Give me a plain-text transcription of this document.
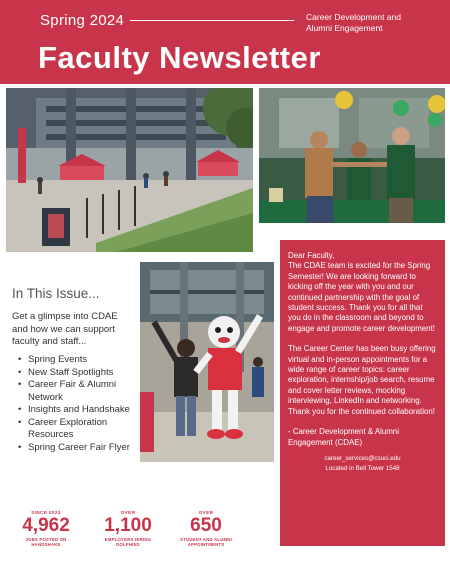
Spring 2024	Career Development and Alumni Engagement
Faculty Newsletter
In This Issue...
Get a glimpse into CDAE and how we can support faculty and staff...
• Spring Events
• New Staff Spotlights
• Career Fair & Alumni Network
• Insights and Handshake
• Career Exploration Resources
• Spring Career Fair Flyer
Dear Faculty,

The CDAE team is excited for the Spring Semester! We are looking forward to kicking off the year with you and our continued partnership with the goal of student success. Thank you for all that you do in the classroom and beyond to engage and promote career development!

The Career Center has been busy offering virtual and in-person appointments for a wide range of career topics: career exploration, internship/job search, resume and cover letter reviews, mocking interviewing, LinkedIn and networking. Thank you for the continued collaboration!

- Career Development & Alumni Engagement (CDAE)

career_services@csuci.edu

Located in Bell Tower 1548

SINCE 2023
4,962
JOBS POSTED ON
HANDSHAKE
OVER
1,100
EMPLOYERS HIRING
DOLPHINS
OVER
650
STUDENT AND ALUMNI
APPOINTMENTS
